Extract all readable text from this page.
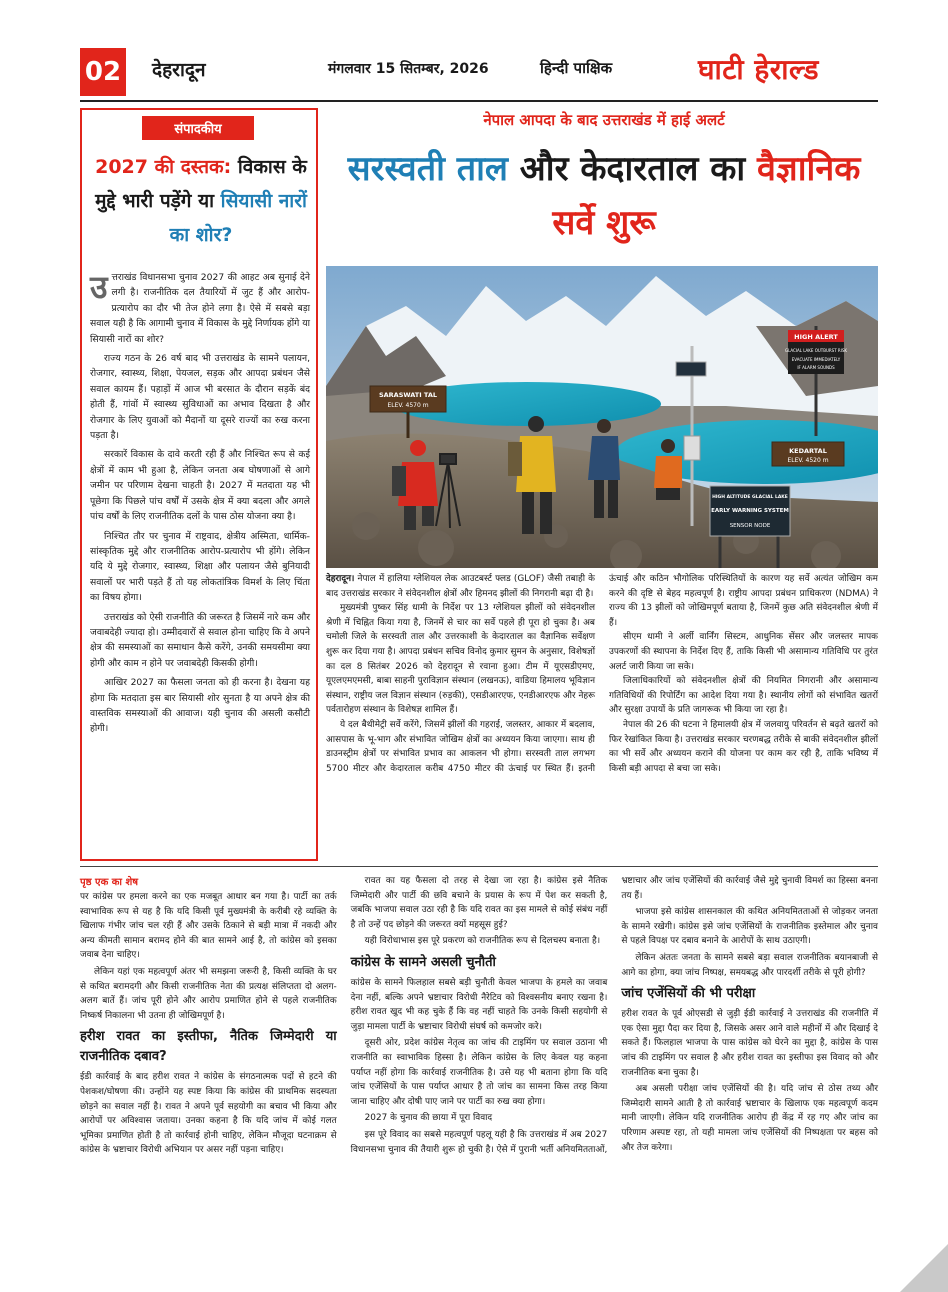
02 देहरादून	मंगलवार 15 सितम्बर, 2026	हिन्दी पाक्षिक	घाटी हेराल्ड
संपादकीय
2027 की दस्तक: विकास के मुद्दे भारी पड़ेंगे या सियासी नारों का शोर?

उत्तराखंड विधानसभा चुनाव 2027 की आहट अब सुनाई देने लगी है। राजनीतिक दल तैयारियों में जुट हैं और आरोप-प्रत्यारोप का दौर भी तेज होने लगा है। ऐसे में सबसे बड़ा सवाल यही है कि आगामी चुनाव में विकास के मुद्दे निर्णायक होंगे या सियासी नारों का शोर?

राज्य गठन के 26 वर्ष बाद भी उत्तराखंड के सामने पलायन, रोजगार, स्वास्थ्य, शिक्षा, पेयजल, सड़क और आपदा प्रबंधन जैसे सवाल कायम हैं। पहाड़ों में आज भी बरसात के दौरान सड़कें बंद होती हैं, गांवों में स्वास्थ्य सुविधाओं का अभाव दिखता है और रोजगार के लिए युवाओं को मैदानों या दूसरे राज्यों का रुख करना पड़ता है।

सरकारें विकास के दावे करती रही हैं और निश्चित रूप से कई क्षेत्रों में काम भी हुआ है, लेकिन जनता अब घोषणाओं से आगे जमीन पर परिणाम देखना चाहती है। 2027 में मतदाता यह भी पूछेगा कि पिछले पांच वर्षों में उसके क्षेत्र में क्या बदला और अगले पांच वर्षों के लिए राजनीतिक दलों के पास ठोस योजना क्या है।

निश्चित तौर पर चुनाव में राष्ट्रवाद, क्षेत्रीय अस्मिता, धार्मिक-सांस्कृतिक मुद्दे और राजनीतिक आरोप-प्रत्यारोप भी होंगे। लेकिन यदि ये मुद्दे रोजगार, स्वास्थ्य, शिक्षा और पलायन जैसे बुनियादी सवालों पर भारी पड़ते हैं तो यह लोकतांत्रिक विमर्श के लिए चिंता का विषय होगा।

उत्तराखंड को ऐसी राजनीति की जरूरत है जिसमें नारे कम और जवाबदेही ज्यादा हो। उम्मीदवारों से सवाल होना चाहिए कि वे अपने क्षेत्र की समस्याओं का समाधान कैसे करेंगे, उनकी समयसीमा क्या होगी और काम न होने पर जवाबदेही किसकी होगी।

आखिर 2027 का फैसला जनता को ही करना है। देखना यह होगा कि मतदाता इस बार सियासी शोर सुनता है या अपने क्षेत्र की वास्तविक समस्याओं की आवाज। यही चुनाव की असली कसौटी होगी।

नेपाल आपदा के बाद उत्तराखंड में हाई अलर्ट
सरस्वती ताल और केदारताल का वैज्ञानिक सर्वे शुरू
SARASWATI TAL
ELEV. 4570 m
KEDARTAL
ELEV. 4520 m
HIGH ALERT
GLACIAL LAKE OUTBURST RISK
EVACUATE IMMEDIATELY
IF ALARM SOUNDS
HIGH ALTITUDE GLACIAL LAKE
EARLY WARNING SYSTEM
SENSOR NODE

देहरादून। नेपाल में हालिया ग्लेशियल लेक आउटबर्स्ट फ्लड (GLOF) जैसी तबाही के बाद उत्तराखंड सरकार ने संवेदनशील क्षेत्रों और हिमनद झीलों की निगरानी बढ़ा दी है।

मुख्यमंत्री पुष्कर सिंह धामी के निर्देश पर 13 ग्लेशियल झीलों को संवेदनशील श्रेणी में चिह्नित किया गया है, जिनमें से चार का सर्वे पहले ही पूरा हो चुका है। अब चमोली जिले के सरस्वती ताल और उत्तरकाशी के केदारताल का वैज्ञानिक सर्वेक्षण शुरू कर दिया गया है। आपदा प्रबंधन सचिव विनोद कुमार सुमन के अनुसार, विशेषज्ञों का दल 8 सितंबर 2026 को देहरादून से रवाना हुआ। टीम में यूएसडीएमए, यूएलएमएमसी, बाबा साहनी पुराविज्ञान संस्थान (लखनऊ), वाडिया हिमालय भूविज्ञान संस्थान, राष्ट्रीय जल विज्ञान संस्थान (रुड़की), एसडीआरएफ, एनडीआरएफ और नेहरू पर्वतारोहण संस्थान के विशेषज्ञ शामिल हैं।

ये दल बैथीमेट्री सर्वे करेंगे, जिसमें झीलों की गहराई, जलस्तर, आकार में बदलाव, आसपास के भू-भाग और संभावित जोखिम क्षेत्रों का अध्ययन किया जाएगा। साथ ही डाउनस्ट्रीम क्षेत्रों पर संभावित प्रभाव का आकलन भी होगा। सरस्वती ताल लगभग 5700 मीटर और केदारताल करीब 4750 मीटर की ऊंचाई पर स्थित हैं। इतनी ऊंचाई और कठिन भौगोलिक परिस्थितियों के कारण यह सर्वे अत्यंत जोखिम कम करने की दृष्टि से बेहद महत्वपूर्ण है। राष्ट्रीय आपदा प्रबंधन प्राधिकरण (NDMA) ने राज्य की 13 झीलों को जोखिमपूर्ण बताया है, जिनमें कुछ अति संवेदनशील श्रेणी में हैं।

सीएम धामी ने अर्ली वार्निंग सिस्टम, आधुनिक सेंसर और जलस्तर मापक उपकरणों की स्थापना के निर्देश दिए हैं, ताकि किसी भी असामान्य गतिविधि पर तुरंत अलर्ट जारी किया जा सके।

जिलाधिकारियों को संवेदनशील क्षेत्रों की नियमित निगरानी और असामान्य गतिविधियों की रिपोर्टिंग का आदेश दिया गया है। स्थानीय लोगों को संभावित खतरों और सुरक्षा उपायों के प्रति जागरूक भी किया जा रहा है।

नेपाल की 26 की घटना ने हिमालयी क्षेत्र में जलवायु परिवर्तन से बढ़ते खतरों को फिर रेखांकित किया है। उत्तराखंड सरकार चरणबद्ध तरीके से बाकी संवेदनशील झीलों का भी सर्वे और अध्ययन कराने की योजना पर काम कर रही है, ताकि भविष्य में किसी बड़ी आपदा से बचा जा सके।

पृष्ठ एक का शेष

पर कांग्रेस पर हमला करने का एक मजबूत आधार बन गया है। पार्टी का तर्क स्वाभाविक रूप से यह है कि यदि किसी पूर्व मुख्यमंत्री के करीबी रहे व्यक्ति के खिलाफ गंभीर जांच चल रही हैं और उसके ठिकाने से बड़ी मात्रा में नकदी और अन्य कीमती सामान बरामद होने की बात सामने आई है, तो कांग्रेस को इसका जवाब देना चाहिए।

लेकिन यहां एक महत्वपूर्ण अंतर भी समझना जरूरी है, किसी व्यक्ति के घर से कथित बरामदगी और किसी राजनीतिक नेता की प्रत्यक्ष संलिप्तता दो अलग-अलग बातें हैं। जांच पूरी होने और आरोप प्रमाणित होने से पहले राजनीतिक निष्कर्ष निकालना भी उतना ही जोखिमपूर्ण है।

हरीश रावत का इस्तीफा, नैतिक जिम्मेदारी या राजनीतिक दबाव?

ईडी कार्रवाई के बाद हरीश रावत ने कांग्रेस के संगठनात्मक पदों से हटने की पेशकश/घोषणा की। उन्होंने यह स्पष्ट किया कि कांग्रेस की प्राथमिक सदस्यता छोड़ने का सवाल नहीं है। रावत ने अपने पूर्व सहयोगी का बचाव भी किया और आरोपों पर अविश्वास जताया। उनका कहना है कि यदि जांच में कोई गलत भूमिका प्रमाणित होती है तो कार्रवाई होनी चाहिए, लेकिन मौजूदा घटनाक्रम से कांग्रेस के भ्रष्टाचार विरोधी अभियान पर असर नहीं पड़ना चाहिए।

रावत का यह फैसला दो तरह से देखा जा रहा है। कांग्रेस इसे नैतिक जिम्मेदारी और पार्टी की छवि बचाने के प्रयास के रूप में पेश कर सकती है, जबकि भाजपा सवाल उठा रही है कि यदि रावत का इस मामले से कोई संबंध नहीं है तो उन्हें पद छोड़ने की जरूरत क्यों महसूस हुई?

यही विरोधाभास इस पूरे प्रकरण को राजनीतिक रूप से दिलचस्प बनाता है।

कांग्रेस के सामने असली चुनौती

कांग्रेस के सामने फिलहाल सबसे बड़ी चुनौती केवल भाजपा के हमले का जवाब देना नहीं, बल्कि अपने भ्रष्टाचार विरोधी नैरेटिव को विश्वसनीय बनाए रखना है। हरीश रावत खुद भी कह चुके हैं कि वह नहीं चाहते कि उनके किसी सहयोगी से जुड़ा मामला पार्टी के भ्रष्टाचार विरोधी संघर्ष को कमजोर करे।

दूसरी ओर, प्रदेश कांग्रेस नेतृत्व का जांच की टाइमिंग पर सवाल उठाना भी राजनीति का स्वाभाविक हिस्सा है। लेकिन कांग्रेस के लिए केवल यह कहना पर्याप्त नहीं होगा कि कार्रवाई राजनीतिक है। उसे यह भी बताना होगा कि यदि जांच एजेंसियों के पास पर्याप्त आधार है तो जांच का सामना किस तरह किया जाना चाहिए और दोषी पाए जाने पर पार्टी का रुख क्या होगा।

2027 के चुनाव की छाया में पूरा विवाद

इस पूरे विवाद का सबसे महत्वपूर्ण पहलू यही है कि उत्तराखंड में अब 2027 विधानसभा चुनाव की तैयारी शुरू हो चुकी है। ऐसे में पुरानी भर्ती अनियमितताओं, भ्रष्टाचार और जांच एजेंसियों की कार्रवाई जैसे मुद्दे चुनावी विमर्श का हिस्सा बनना तय हैं।

भाजपा इसे कांग्रेस शासनकाल की कथित अनियमितताओं से जोड़कर जनता के सामने रखेगी। कांग्रेस इसे जांच एजेंसियों के राजनीतिक इस्तेमाल और चुनाव से पहले विपक्ष पर दबाव बनाने के आरोपों के साथ उठाएगी।

लेकिन अंततः जनता के सामने सबसे बड़ा सवाल राजनीतिक बयानबाजी से आगे का होगा, क्या जांच निष्पक्ष, समयबद्ध और पारदर्शी तरीके से पूरी होगी?

जांच एजेंसियों की भी परीक्षा

हरीश रावत के पूर्व ओएसडी से जुड़ी ईडी कार्रवाई ने उत्तराखंड की राजनीति में एक ऐसा मुद्दा पैदा कर दिया है, जिसके असर आने वाले महीनों में और दिखाई दे सकते हैं। फिलहाल भाजपा के पास कांग्रेस को घेरने का मुद्दा है, कांग्रेस के पास जांच की टाइमिंग पर सवाल है और हरीश रावत का इस्तीफा इस विवाद को और राजनीतिक बना चुका है।

अब असली परीक्षा जांच एजेंसियों की है। यदि जांच से ठोस तथ्य और जिम्मेदारी सामने आती है तो कार्रवाई भ्रष्टाचार के खिलाफ एक महत्वपूर्ण कदम मानी जाएगी। लेकिन यदि राजनीतिक आरोप ही केंद्र में रह गए और जांच का परिणाम अस्पष्ट रहा, तो यही मामला जांच एजेंसियों की निष्पक्षता पर बहस को और तेज करेगा।
